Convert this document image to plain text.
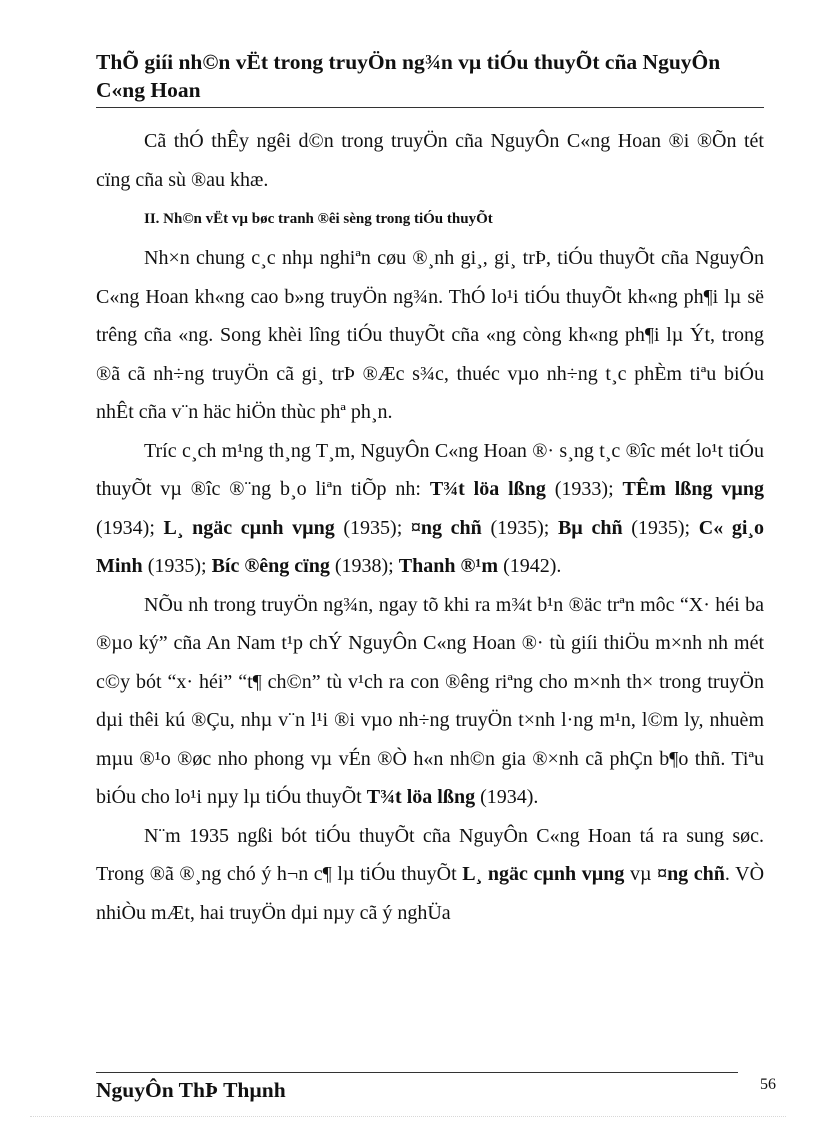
ThÕ giíi nh©n vËt trong truyÖn ng¾n vµ tiÓu thuyÕt cña NguyÔn C«ng Hoan

Cã thÓ thÊy ngêi d©n trong truyÖn cña NguyÔn C«ng Hoan ®i ®Õn tét cïng cña sù ®au khæ.

II. Nh©n vËt vµ bøc tranh ®êi sèng trong tiÓu thuyÕt

Nh×n chung c¸c nhµ nghiªn cøu ®¸nh gi¸, gi¸ trÞ, tiÓu thuyÕt cña NguyÔn C«ng Hoan kh«ng cao b»ng truyÖn ng¾n. ThÓ lo¹i tiÓu thuyÕt kh«ng ph¶i lµ së trêng cña «ng. Song khèi lîng tiÓu thuyÕt cña «ng còng kh«ng ph¶i lµ Ýt, trong ®ã cã nh÷ng truyÖn cã gi¸ trÞ ®Æc s¾c, thuéc vµo nh÷ng t¸c phÈm tiªu biÓu nhÊt cña v¨n häc hiÖn thùc phª ph¸n.

Tríc c¸ch m¹ng th¸ng T¸m, NguyÔn C«ng Hoan ®· s¸ng t¸c ®îc mét lo¹t tiÓu thuyÕt vµ ®îc ®¨ng b¸o liªn tiÕp nh: T¾t löa lßng (1933); TÊm lßng vµng (1934); L¸ ngäc cµnh vµng (1935); ¤ng chñ (1935); Bµ chñ (1935); C« gi¸o Minh (1935); Bíc ®êng cïng (1938); Thanh ®¹m (1942).

NÕu nh trong truyÖn ng¾n, ngay tõ khi ra m¾t b¹n ®äc trªn môc “X· héi ba ®µo ký” cña An Nam t¹p chÝ NguyÔn C«ng Hoan ®· tù giíi thiÖu m×nh nh mét c©y bót “x· héi” “t¶ ch©n” tù v¹ch ra con ®êng riªng cho m×nh th× trong truyÖn dµi thêi kú ®Çu, nhµ v¨n l¹i ®i vµo nh÷ng truyÖn t×nh l·ng m¹n, l©m ly, nhuèm mµu ®¹o ®øc nho phong vµ vÉn ®Ò h«n nh©n gia ®×nh cã phÇn b¶o thñ. Tiªu biÓu cho lo¹i nµy lµ tiÓu thuyÕt T¾t löa lßng (1934).

N¨m 1935 ngßi bót tiÓu thuyÕt cña NguyÔn C«ng Hoan tá ra sung søc. Trong ®ã ®¸ng chó ý h¬n c¶ lµ tiÓu thuyÕt L¸ ngäc cµnh vµng vµ ¤ng chñ. VÒ nhiÒu mÆt, hai truyÖn dµi nµy cã ý nghÜa

NguyÔn ThÞ Thµnh	56
